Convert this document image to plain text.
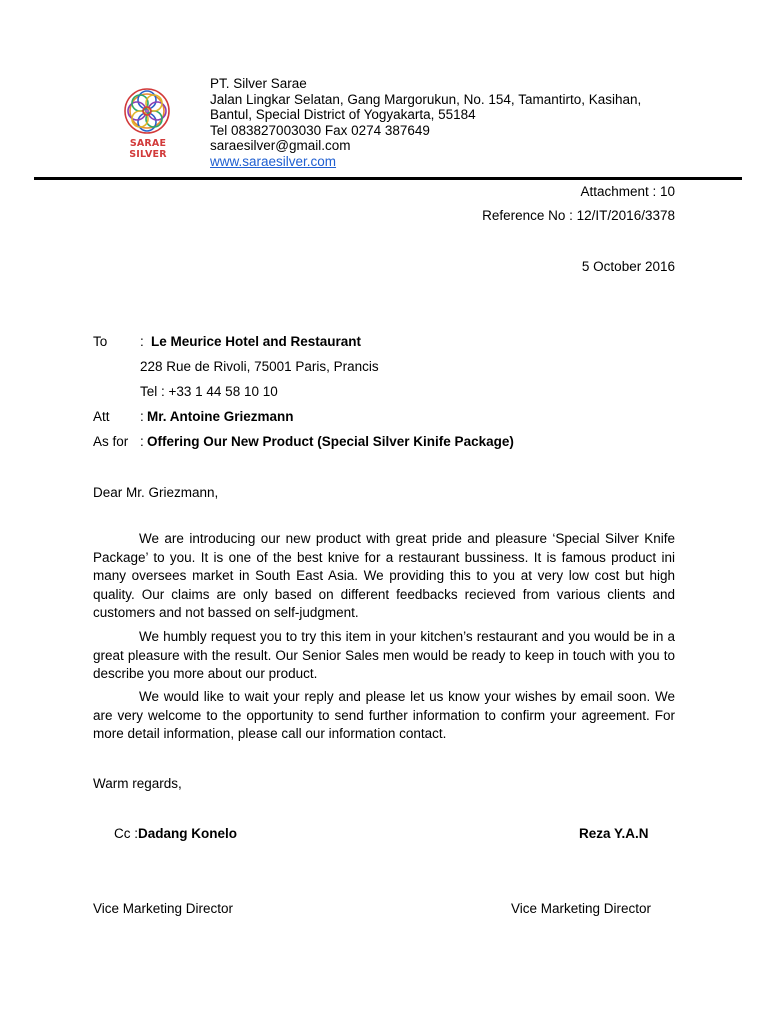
SARAE SILVER
PT. Silver Sarae
Jalan Lingkar Selatan, Gang Margorukun, No. 154, Tamantirto, Kasihan,
Bantul, Special District of Yogyakarta, 55184
Tel 083827003030 Fax 0274 387649
saraesilver@gmail.com
www.saraesilver.com
Attachment : 10
Reference No : 12/IT/2016/3378
5 October 2016
To : Le Meurice Hotel and Restaurant
228 Rue de Rivoli, 75001 Paris, Prancis
Tel : +33 1 44 58 10 10
Att : Mr. Antoine Griezmann
As for : Offering Our New Product (Special Silver Kinife Package)
Dear Mr. Griezmann,
We are introducing our new product with great pride and pleasure ‘Special Silver Knife Package’ to you. It is one of the best knive for a restaurant bussiness. It is famous product ini many oversees market in South East Asia. We providing this to you at very low cost but high quality. Our claims are only based on different feedbacks recieved from various clients and customers and not bassed on self-judgment.
We humbly request you to try this item in your kitchen’s restaurant and you would be in a great pleasure with the result. Our Senior Sales men would be ready to keep in touch with you to describe you more about our product.
We would like to wait your reply and please let us know your wishes by email soon. We are very welcome to the opportunity to send further information to confirm your agreement. For more detail information, please call our information contact.
Warm regards,
Cc :Dadang Konelo	Reza Y.A.N
Vice Marketing Director	Vice Marketing Director
